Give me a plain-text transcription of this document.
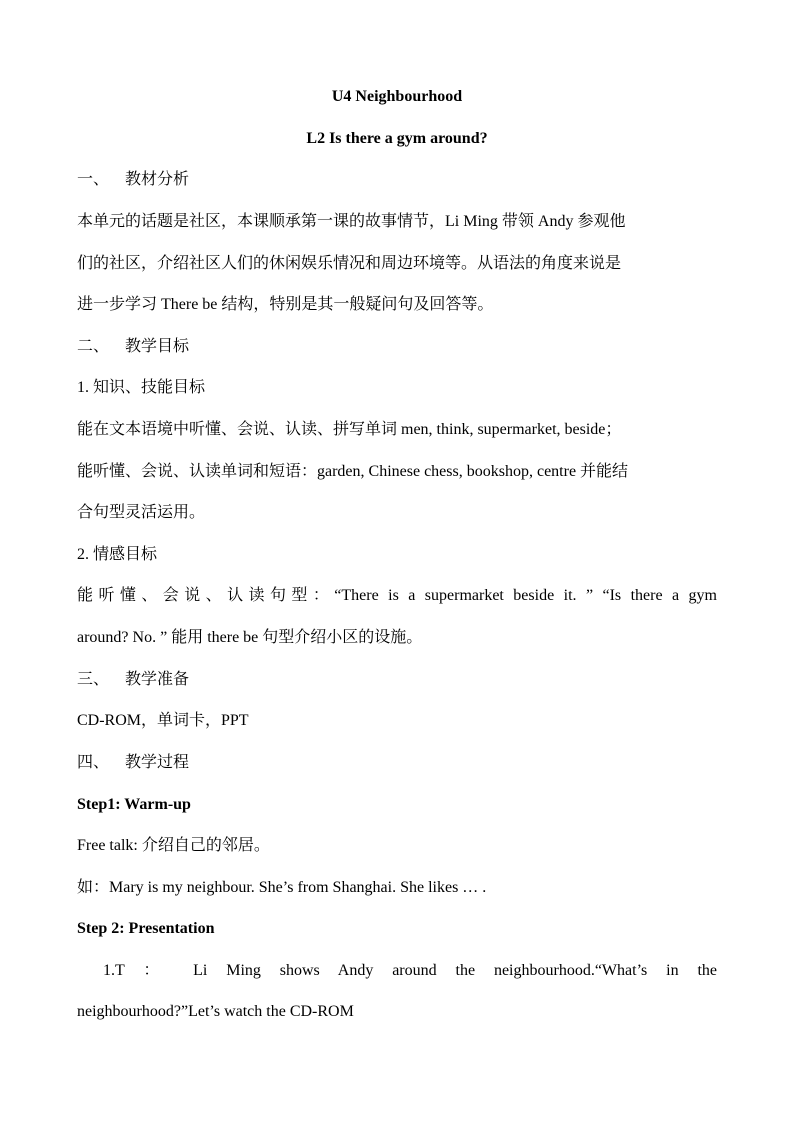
U4 Neighbourhood
L2 Is there a gym around?
一、 教材分析
本单元的话题是社区，本课顺承第一课的故事情节，Li Ming 带领 Andy 参观他
们的社区，介绍社区人们的休闲娱乐情况和周边环境等。从语法的角度来说是
进一步学习 There be 结构，特别是其一般疑问句及回答等。
二、 教学目标
1. 知识、技能目标
能在文本语境中听懂、会说、认读、拼写单词 men, think, supermarket, beside；
能听懂、会说、认读单词和短语：garden, Chinese chess, bookshop, centre 并能结
合句型灵活运用。
2. 情感目标
能听懂、会说、认读句型：“There is a supermarket beside it. ” “Is there a gym
around? No. ” 能用 there be 句型介绍小区的设施。
三、 教学准备
CD-ROM，单词卡，PPT
四、 教学过程
Step1: Warm-up
Free talk: 介绍自己的邻居。
如：Mary is my neighbour. She’s from Shanghai. She likes … .
Step 2: Presentation
1.T ： Li Ming shows Andy around the neighbourhood.“What’s in the
neighbourhood?”Let’s watch the CD-ROM
